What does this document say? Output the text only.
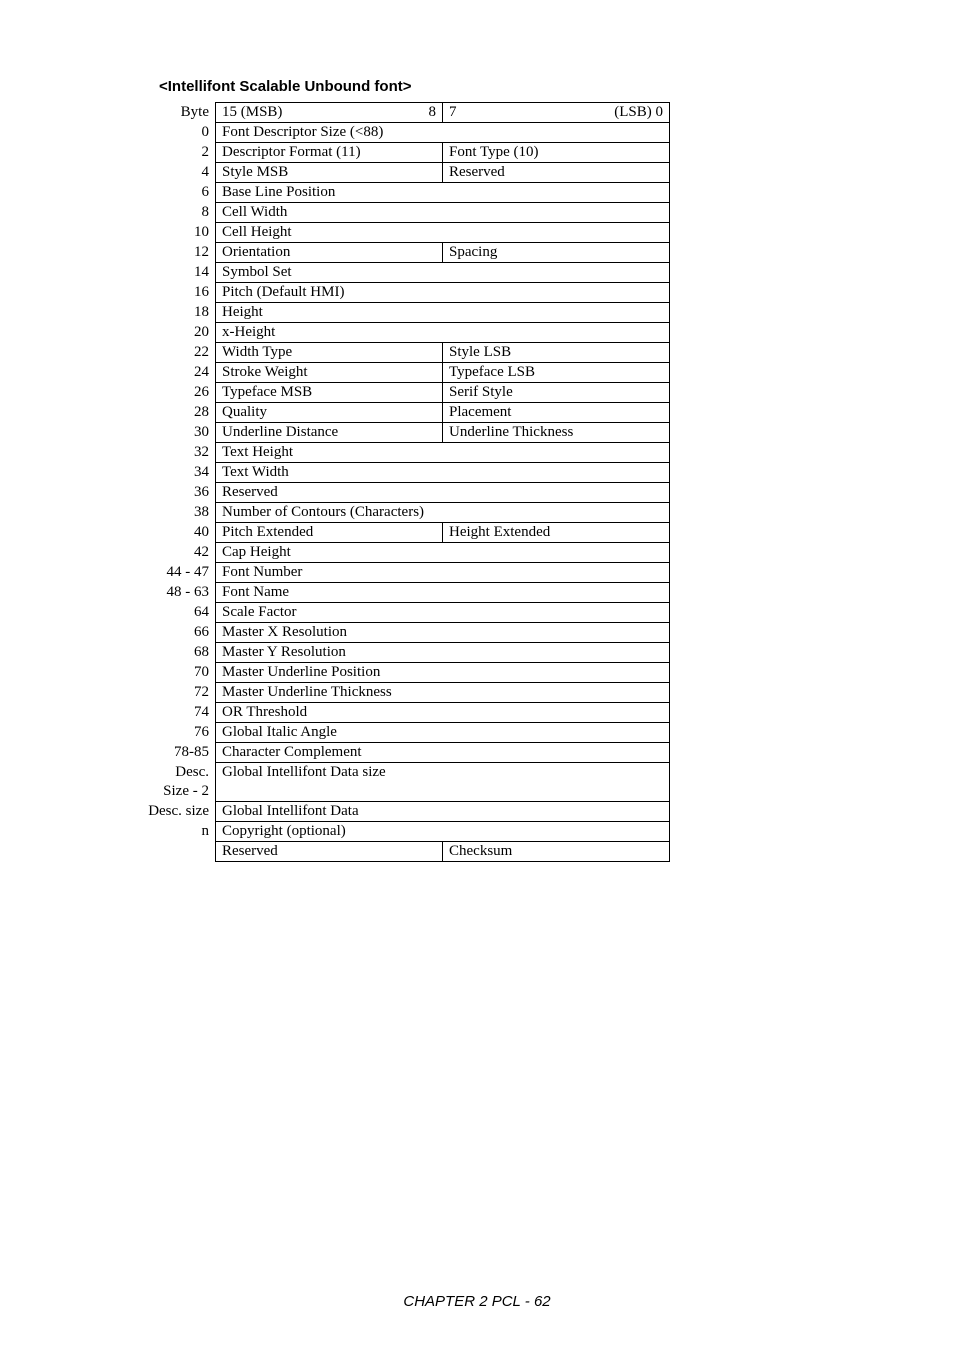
<Intellifont Scalable Unbound font>
Byte	15 (MSB) 8	7 (LSB) 0

0	Font Descriptor Size (<88)	

2	Descriptor Format (11)	Font Type (10)

4	Style MSB	Reserved

6	Base Line Position	

8	Cell Width	

10	Cell Height	

12	Orientation	Spacing

14	Symbol Set	

16	Pitch (Default HMI)	

18	Height	

20	x-Height	

22	Width Type	Style LSB

24	Stroke Weight	Typeface LSB

26	Typeface MSB	Serif Style

28	Quality	Placement

30	Underline Distance	Underline Thickness

32	Text Height	

34	Text Width	

36	Reserved	

38	Number of Contours (Characters)	

40	Pitch Extended	Height Extended

42	Cap Height	

44 - 47	Font Number	

48 - 63	Font Name	

64	Scale Factor	

66	Master X Resolution	

68	Master Y Resolution	

70	Master Underline Position	

72	Master Underline Thickness	

74	OR Threshold	

76	Global Italic Angle	

78-85	Character Complement	

Desc.
Size - 2	Global Intellifont Data size	

Desc. size	Global Intellifont Data	

n	Copyright (optional)	

	Reserved	Checksum
CHAPTER 2 PCL - 62
